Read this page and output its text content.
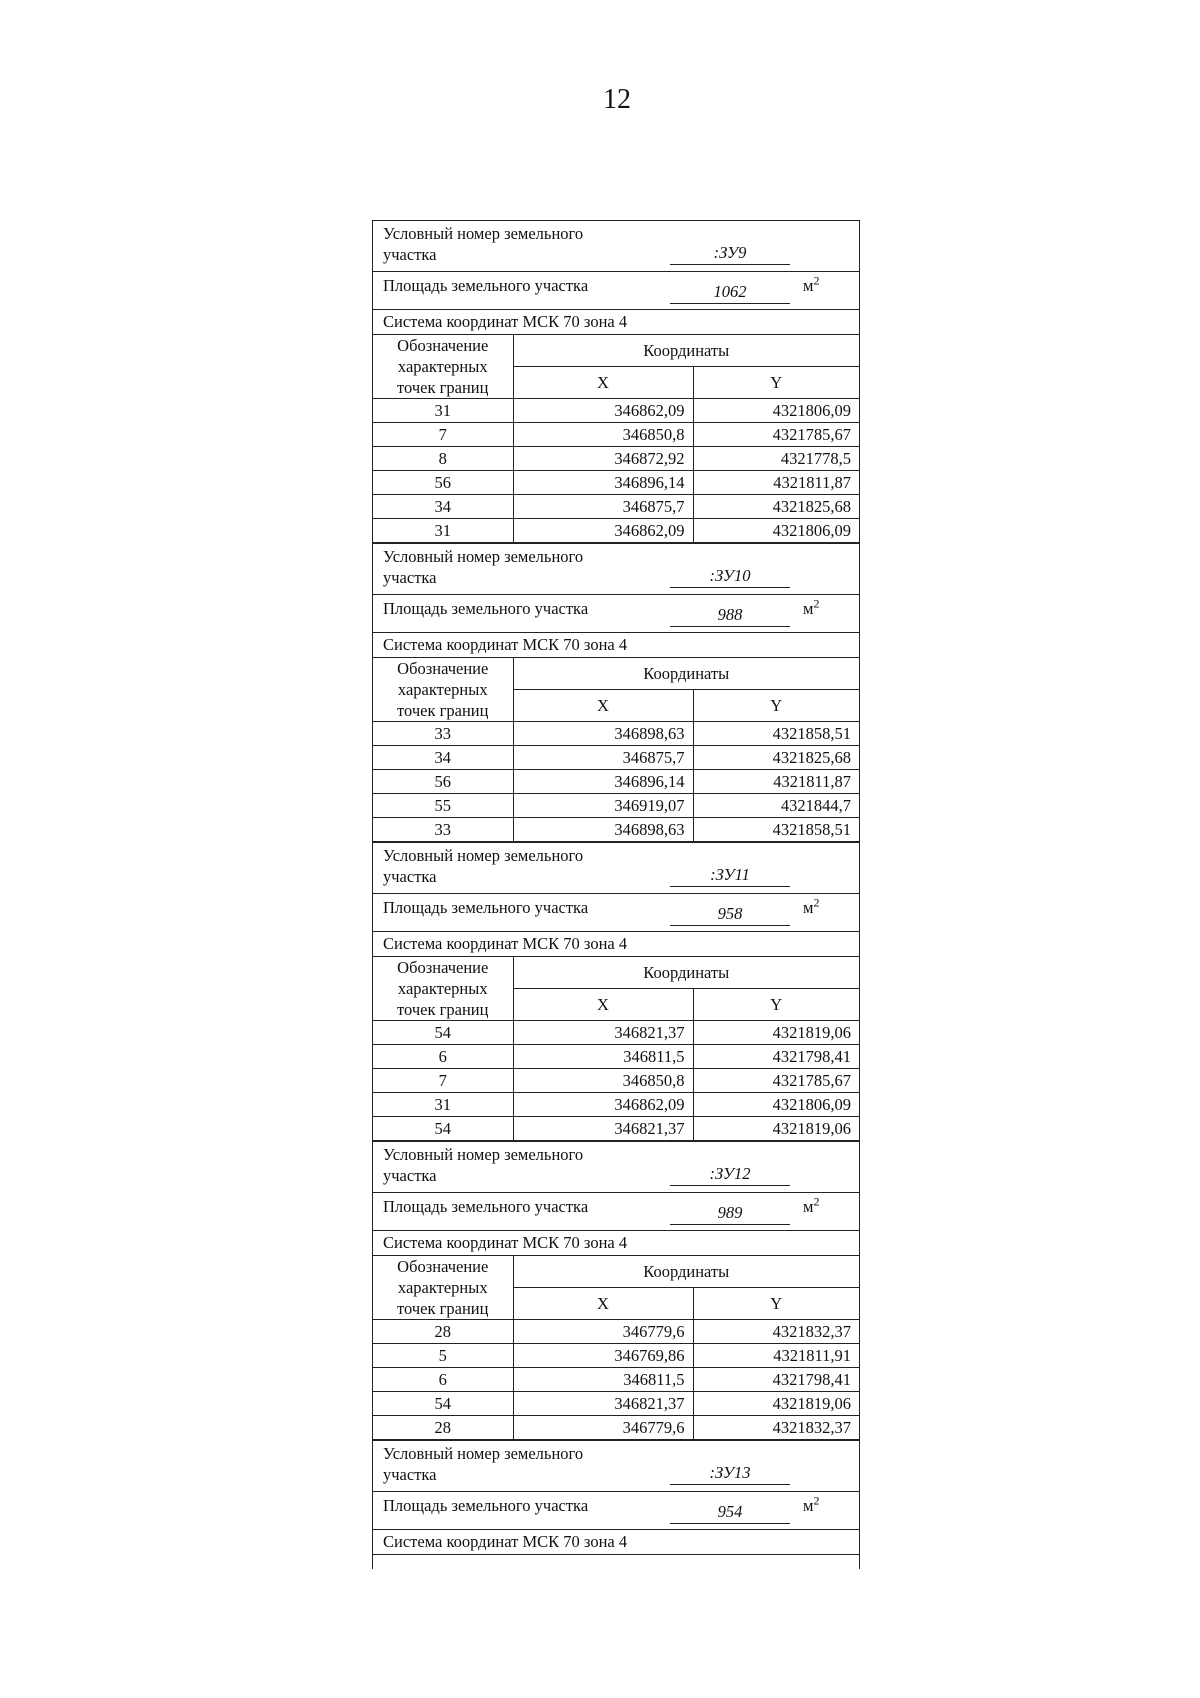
12
Условный номер земельного участка	:ЗУ9
Площадь земельного участка	1062	$м^2$
Система координат МСК 70 зона 4
Обозначение характерных точек границ	Координаты	
	X	Y
31	346862,09	4321806,09
7	346850,8	4321785,67
8	346872,92	4321778,5
56	346896,14	4321811,87
34	346875,7	4321825,68
31	346862,09	4321806,09
Условный номер земельного участка	:ЗУ10
Площадь земельного участка	988	$м^2$
Система координат МСК 70 зона 4
Обозначение характерных точек границ	Координаты	
	X	Y
33	346898,63	4321858,51
34	346875,7	4321825,68
56	346896,14	4321811,87
55	346919,07	4321844,7
33	346898,63	4321858,51
Условный номер земельного участка	:ЗУ11
Площадь земельного участка	958	$м^2$
Система координат МСК 70 зона 4
Обозначение характерных точек границ	Координаты	
	X	Y
54	346821,37	4321819,06
6	346811,5	4321798,41
7	346850,8	4321785,67
31	346862,09	4321806,09
54	346821,37	4321819,06
Условный номер земельного участка	:ЗУ12
Площадь земельного участка	989	$м^2$
Система координат МСК 70 зона 4
Обозначение характерных точек границ	Координаты	
	X	Y
28	346779,6	4321832,37
5	346769,86	4321811,91
6	346811,5	4321798,41
54	346821,37	4321819,06
28	346779,6	4321832,37
Условный номер земельного участка	:ЗУ13
Площадь земельного участка	954	$м^2$
Система координат МСК 70 зона 4
